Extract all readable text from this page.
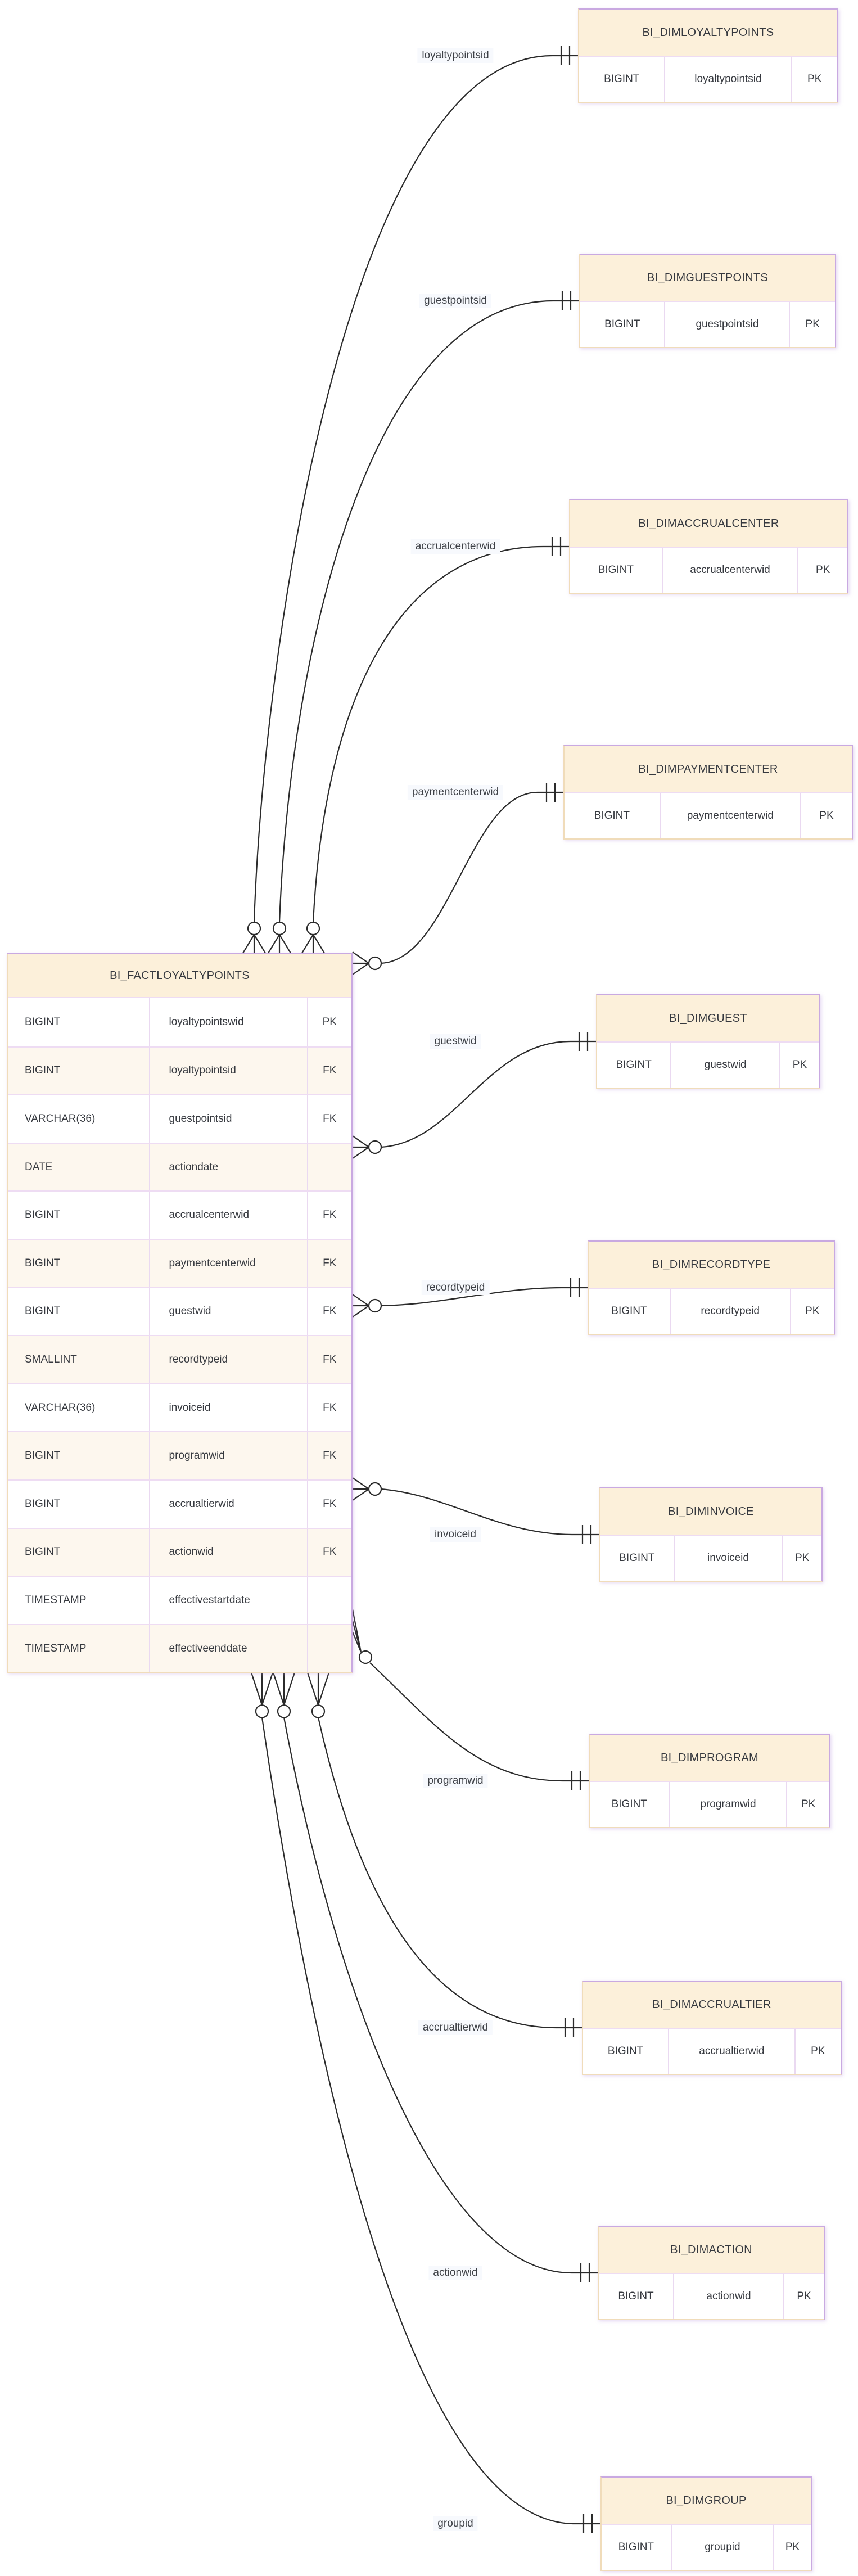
BI_FACTLOYALTYPOINTS
BIGINT	loyaltypointswid	PK
BIGINT	loyaltypointsid	FK
VARCHAR(36)	guestpointsid	FK
DATE	actiondate
BIGINT	accrualcenterwid	FK
BIGINT	paymentcenterwid	FK
BIGINT	guestwid	FK
SMALLINT	recordtypeid	FK
VARCHAR(36)	invoiceid	FK
BIGINT	programwid	FK
BIGINT	accrualtierwid	FK
BIGINT	actionwid	FK
TIMESTAMP	effectivestartdate
TIMESTAMP	effectiveenddate
BI_DIMLOYALTYPOINTS
BIGINT	loyaltypointsid	PK
BI_DIMGUESTPOINTS
BIGINT	guestpointsid	PK
BI_DIMACCRUALCENTER
BIGINT	accrualcenterwid	PK
BI_DIMPAYMENTCENTER
BIGINT	paymentcenterwid	PK
BI_DIMGUEST
BIGINT	guestwid	PK
BI_DIMRECORDTYPE
BIGINT	recordtypeid	PK
BI_DIMINVOICE
BIGINT	invoiceid	PK
BI_DIMPROGRAM
BIGINT	programwid	PK
BI_DIMACCRUALTIER
BIGINT	accrualtierwid	PK
BI_DIMACTION
BIGINT	actionwid	PK
BI_DIMGROUP
BIGINT	groupid	PK
loyaltypointsid
guestpointsid
accrualcenterwid
paymentcenterwid
guestwid
recordtypeid
invoiceid
programwid
accrualtierwid
actionwid
groupid
